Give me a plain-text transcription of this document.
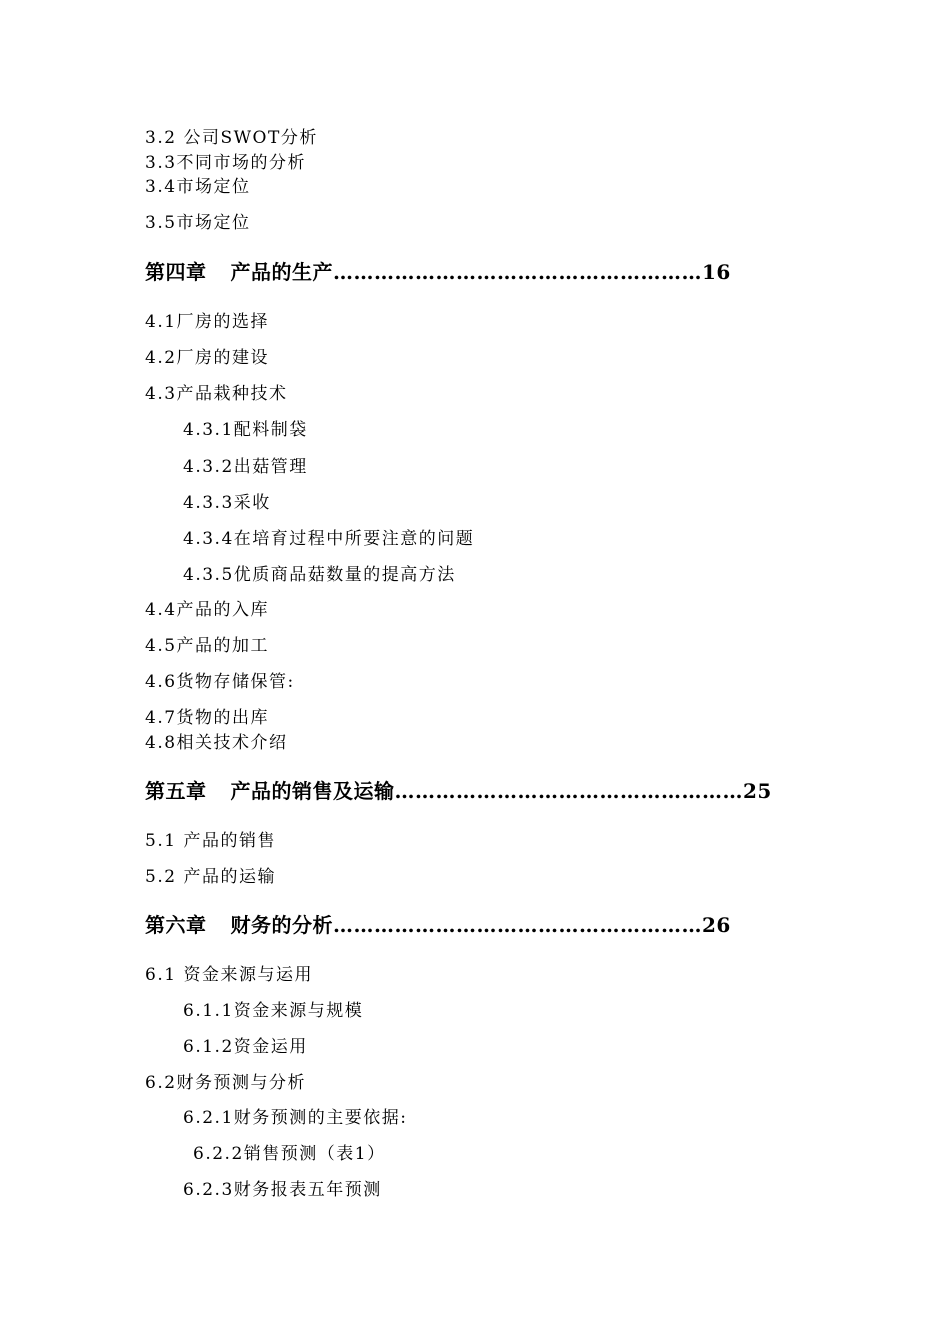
3.2 公司SWOT分析
3.3不同市场的分析
3.4市场定位
3.5市场定位
第四章 产品的生产………………………………………………16
4.1厂房的选择
4.2厂房的建设
4.3产品栽种技术
4.3.1配料制袋
4.3.2出菇管理
4.3.3采收
4.3.4在培育过程中所要注意的问题
4.3.5优质商品菇数量的提高方法
4.4产品的入库
4.5产品的加工
4.6货物存储保管:
4.7货物的出库
4.8相关技术介绍
第五章 产品的销售及运输……………………………………………25
5.1 产品的销售
5.2 产品的运输
第六章 财务的分析………………………………………………26
6.1 资金来源与运用
6.1.1资金来源与规模
6.1.2资金运用
6.2财务预测与分析
6.2.1财务预测的主要依据:
6.2.2销售预测（表1）
6.2.3财务报表五年预测
